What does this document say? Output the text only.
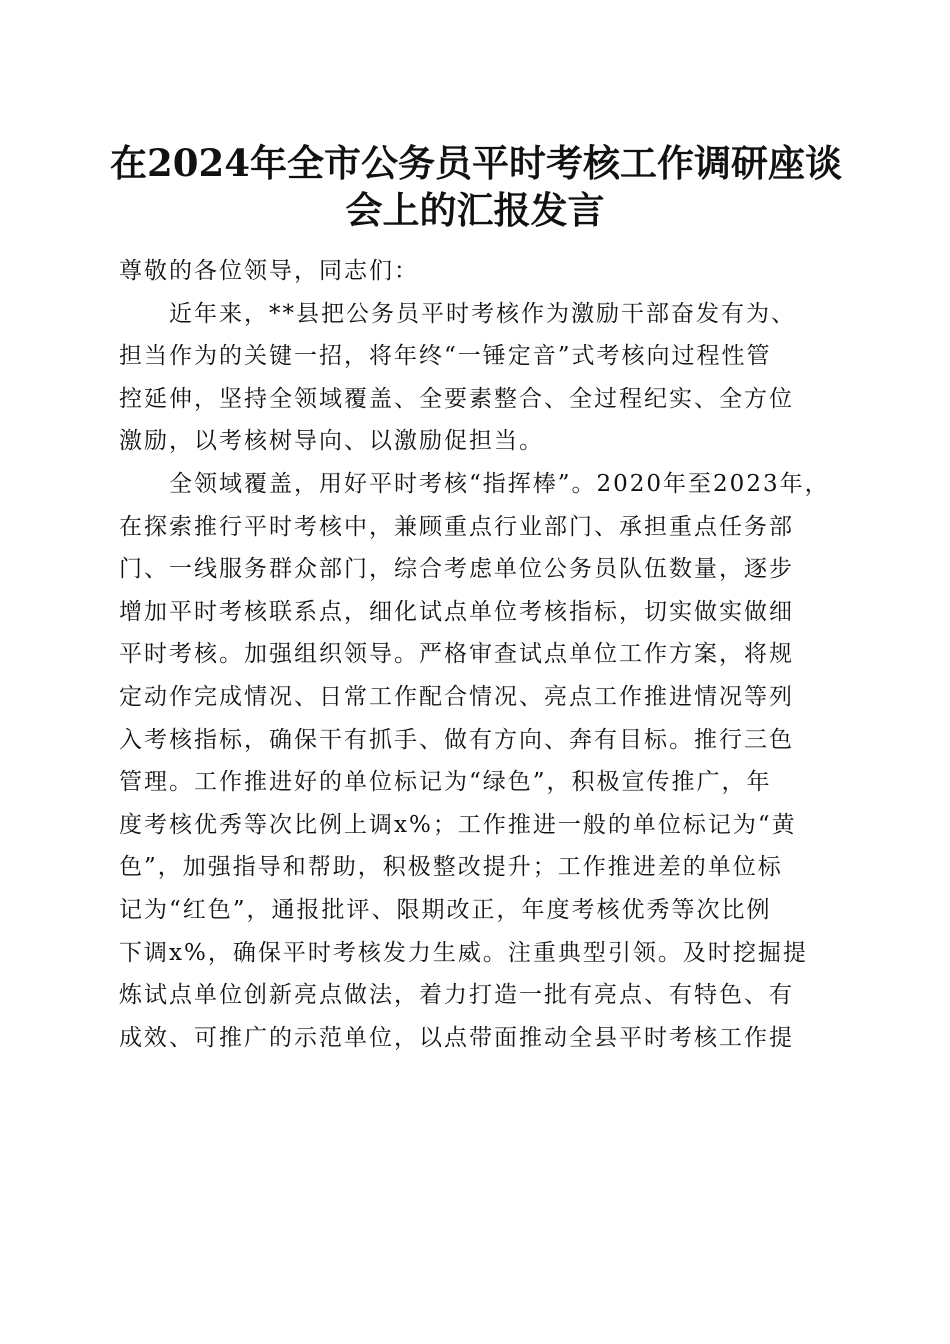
在2024年全市公务员平时考核工作调研座谈
会上的汇报发言
尊敬的各位领导，同志们：
近年来，**县把公务员平时考核作为激励干部奋发有为、
担当作为的关键一招，将年终“一锤定音”式考核向过程性管
控延伸，坚持全领域覆盖、全要素整合、全过程纪实、全方位
激励，以考核树导向、以激励促担当。
全领域覆盖，用好平时考核“指挥棒”。2020年至2023年，
在探索推行平时考核中，兼顾重点行业部门、承担重点任务部
门、一线服务群众部门，综合考虑单位公务员队伍数量，逐步
增加平时考核联系点，细化试点单位考核指标，切实做实做细
平时考核。加强组织领导。严格审查试点单位工作方案，将规
定动作完成情况、日常工作配合情况、亮点工作推进情况等列
入考核指标，确保干有抓手、做有方向、奔有目标。推行三色
管理。工作推进好的单位标记为“绿色”，积极宣传推广，年
度考核优秀等次比例上调x%；工作推进一般的单位标记为“黄
色”，加强指导和帮助，积极整改提升；工作推进差的单位标
记为“红色”，通报批评、限期改正，年度考核优秀等次比例
下调x%，确保平时考核发力生威。注重典型引领。及时挖掘提
炼试点单位创新亮点做法，着力打造一批有亮点、有特色、有
成效、可推广的示范单位，以点带面推动全县平时考核工作提
